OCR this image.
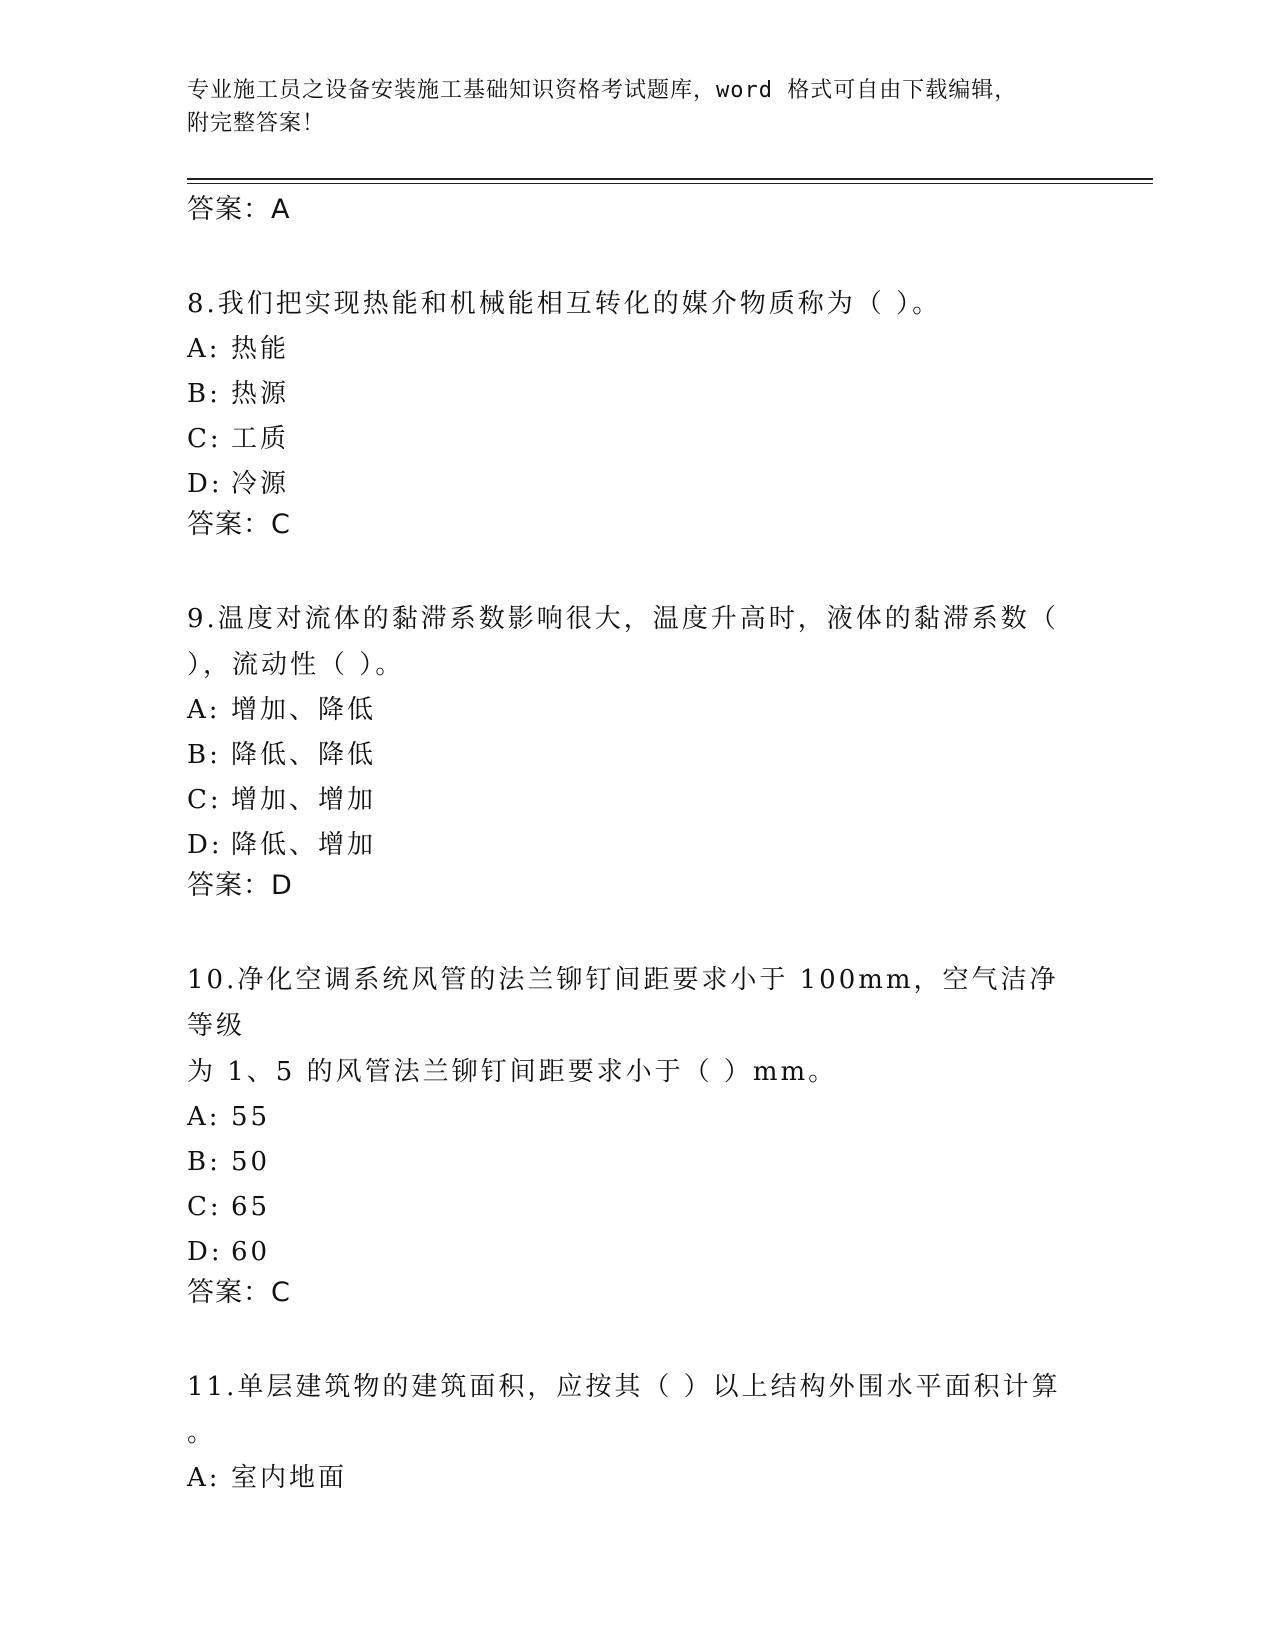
专业施工员之设备安装施工基础知识资格考试题库，word 格式可自由下载编辑，
附完整答案！
答案：A
8.我们把实现热能和机械能相互转化的媒介物质称为（ ）。
A: 热能
B: 热源
C: 工质
D: 冷源
答案：C
9.温度对流体的黏滞系数影响很大，温度升高时，液体的黏滞系数（
），流动性（ ）。
A: 增加、降低
B: 降低、降低
C: 增加、增加
D: 降低、增加
答案：D
10.净化空调系统风管的法兰铆钉间距要求小于 100mm，空气洁净等级
为 1、5 的风管法兰铆钉间距要求小于（ ）mm。
A: 55
B: 50
C: 65
D: 60
答案：C
11.单层建筑物的建筑面积，应按其（ ）以上结构外围水平面积计算
。
A: 室内地面
